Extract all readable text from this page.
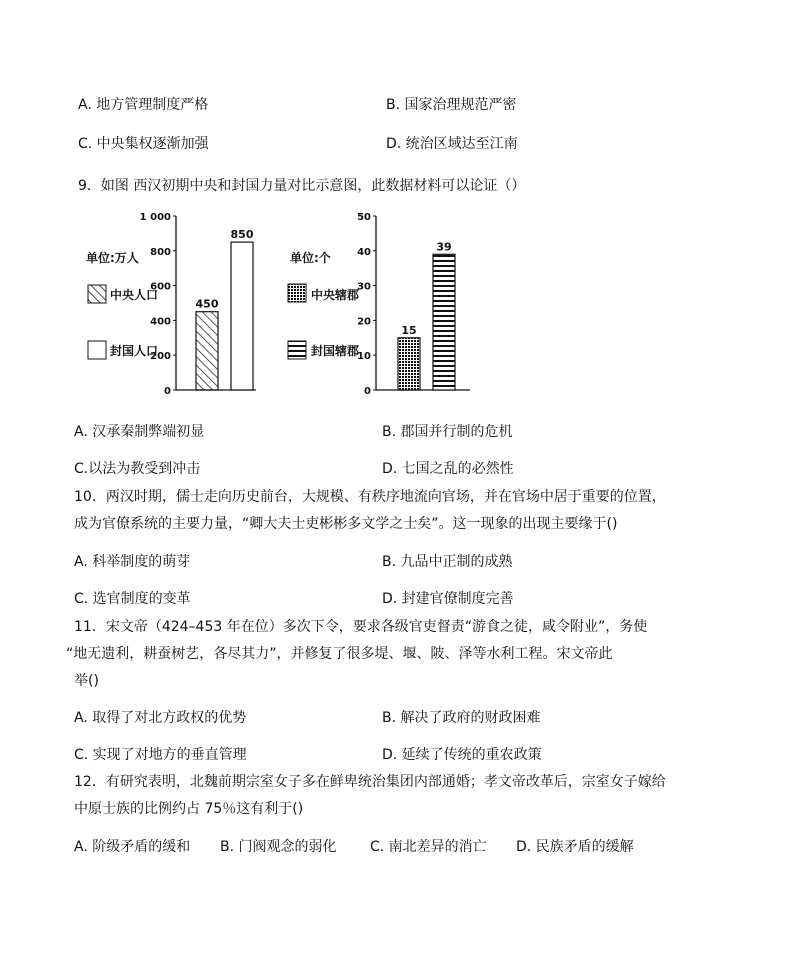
A. 地方管理制度严格	B. 国家治理规范严密
C. 中央集权逐渐加强	D. 统治区域达至江南
9．如图 西汉初期中央和封国力量对比示意图，此数据材料可以论证（）
单位:万人
中央人口
封国人口
0
200
400
600
800
1 000
450
850
单位:个
中央辖郡
封国辖郡
0
10
20
30
40
50
15
39
A. 汉承秦制弊端初显	B. 郡国并行制的危机
C.以法为教受到冲击	D. 七国之乱的必然性
10．两汉时期，儒士走向历史前台，大规模、有秩序地流向官场，并在官场中居于重要的位置，
成为官僚系统的主要力量，“卿大夫士吏彬彬多文学之士矣”。这一现象的出现主要缘于()
A. 科举制度的萌芽	B. 九品中正制的成熟
C. 选官制度的变革	D. 封建官僚制度完善
11．宋文帝（424–453 年在位）多次下令，要求各级官吏督责“游食之徒，咸令附业”，务使
“地无遗利，耕蚕树艺，各尽其力”，并修复了很多堤、堰、陂、泽等水利工程。宋文帝此
举()
A. 取得了对北方政权的优势	B. 解决了政府的财政困难
C. 实现了对地方的垂直管理	D. 延续了传统的重农政策
12．有研究表明，北魏前期宗室女子多在鲜卑统治集团内部通婚；孝文帝改革后，宗室女子嫁给
中原士族的比例约占 75％这有利于()
A. 阶级矛盾的缓和 B. 门阀观念的弱化 C. 南北差异的消亡 D. 民族矛盾的缓解
